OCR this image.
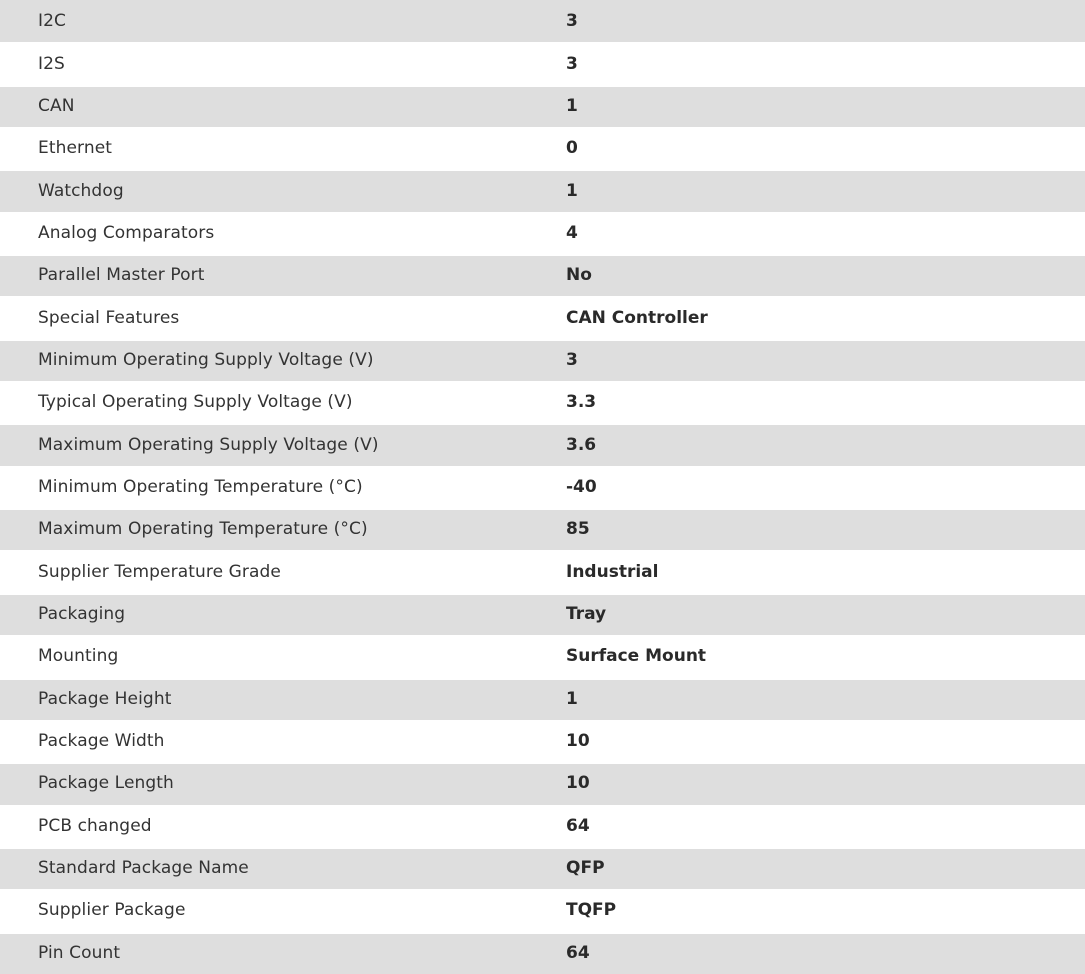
I2C	3
I2S	3
CAN	1
Ethernet	0
Watchdog	1
Analog Comparators	4
Parallel Master Port	No
Special Features	CAN Controller
Minimum Operating Supply Voltage (V)	3
Typical Operating Supply Voltage (V)	3.3
Maximum Operating Supply Voltage (V)	3.6
Minimum Operating Temperature (°C)	-40
Maximum Operating Temperature (°C)	85
Supplier Temperature Grade	Industrial
Packaging	Tray
Mounting	Surface Mount
Package Height	1
Package Width	10
Package Length	10
PCB changed	64
Standard Package Name	QFP
Supplier Package	TQFP
Pin Count	64
